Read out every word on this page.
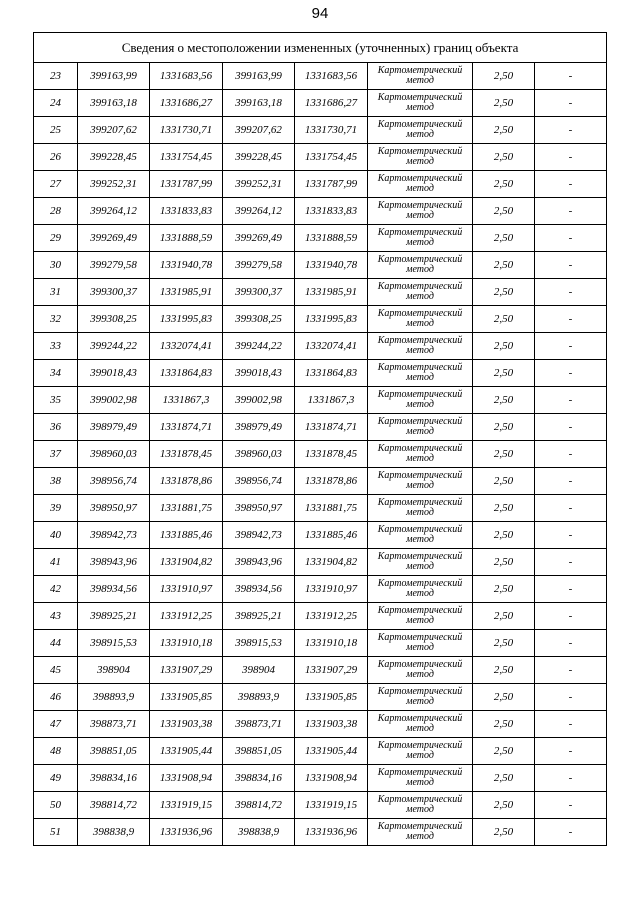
94
Сведения о местоположении измененных (уточненных) границ объекта							
23	399163,99	1331683,56	399163,99	1331683,56	Картометрический метод	2,50	-
24	399163,18	1331686,27	399163,18	1331686,27	Картометрический метод	2,50	-
25	399207,62	1331730,71	399207,62	1331730,71	Картометрический метод	2,50	-
26	399228,45	1331754,45	399228,45	1331754,45	Картометрический метод	2,50	-
27	399252,31	1331787,99	399252,31	1331787,99	Картометрический метод	2,50	-
28	399264,12	1331833,83	399264,12	1331833,83	Картометрический метод	2,50	-
29	399269,49	1331888,59	399269,49	1331888,59	Картометрический метод	2,50	-
30	399279,58	1331940,78	399279,58	1331940,78	Картометрический метод	2,50	-
31	399300,37	1331985,91	399300,37	1331985,91	Картометрический метод	2,50	-
32	399308,25	1331995,83	399308,25	1331995,83	Картометрический метод	2,50	-
33	399244,22	1332074,41	399244,22	1332074,41	Картометрический метод	2,50	-
34	399018,43	1331864,83	399018,43	1331864,83	Картометрический метод	2,50	-
35	399002,98	1331867,3	399002,98	1331867,3	Картометрический метод	2,50	-
36	398979,49	1331874,71	398979,49	1331874,71	Картометрический метод	2,50	-
37	398960,03	1331878,45	398960,03	1331878,45	Картометрический метод	2,50	-
38	398956,74	1331878,86	398956,74	1331878,86	Картометрический метод	2,50	-
39	398950,97	1331881,75	398950,97	1331881,75	Картометрический метод	2,50	-
40	398942,73	1331885,46	398942,73	1331885,46	Картометрический метод	2,50	-
41	398943,96	1331904,82	398943,96	1331904,82	Картометрический метод	2,50	-
42	398934,56	1331910,97	398934,56	1331910,97	Картометрический метод	2,50	-
43	398925,21	1331912,25	398925,21	1331912,25	Картометрический метод	2,50	-
44	398915,53	1331910,18	398915,53	1331910,18	Картометрический метод	2,50	-
45	398904	1331907,29	398904	1331907,29	Картометрический метод	2,50	-
46	398893,9	1331905,85	398893,9	1331905,85	Картометрический метод	2,50	-
47	398873,71	1331903,38	398873,71	1331903,38	Картометрический метод	2,50	-
48	398851,05	1331905,44	398851,05	1331905,44	Картометрический метод	2,50	-
49	398834,16	1331908,94	398834,16	1331908,94	Картометрический метод	2,50	-
50	398814,72	1331919,15	398814,72	1331919,15	Картометрический метод	2,50	-
51	398838,9	1331936,96	398838,9	1331936,96	Картометрический метод	2,50	-
